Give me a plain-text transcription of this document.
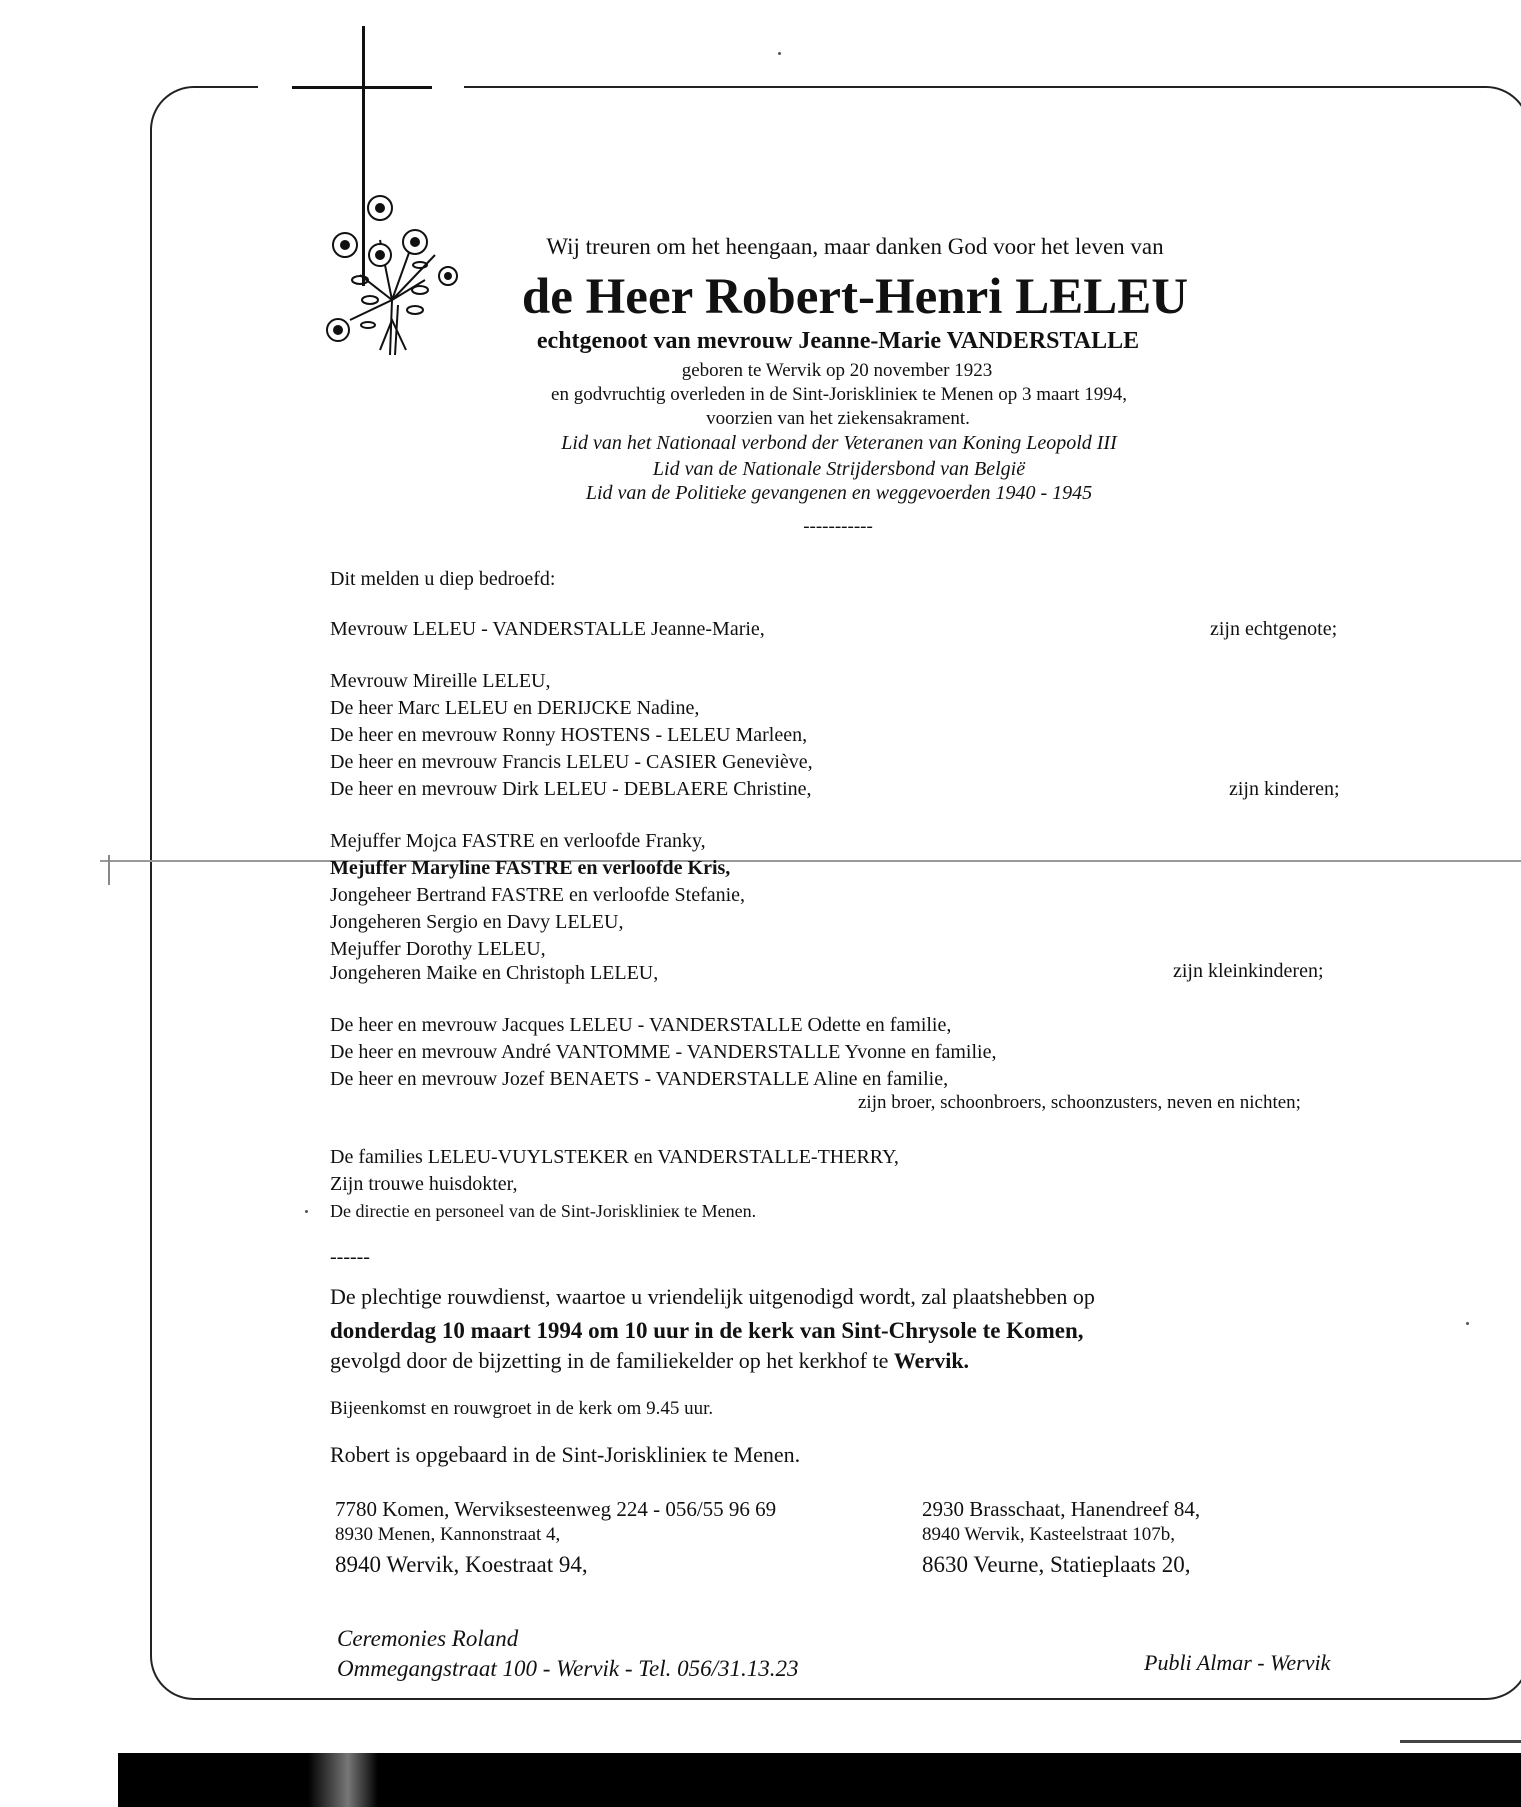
Wij treuren om het heengaan, maar danken God voor het leven van
de Heer Robert-Henri LELEU
echtgenoot van mevrouw Jeanne-Marie VANDERSTALLE
geboren te Wervik op 20 november 1923
en godvruchtig overleden in de Sint-Jorisklinieк te Menen op 3 maart 1994,
voorzien van het ziekensakrament.
Lid van het Nationaal verbond der Veteranen van Koning Leopold III
Lid van de Nationale Strijdersbond van België
Lid van de Politieke gevangenen en weggevoerden 1940 - 1945
-----------
Dit melden u diep bedroefd:
Mevrouw LELEU - VANDERSTALLE Jeanne-Marie,	zijn echtgenote;
Mevrouw Mireille LELEU,
De heer Marc LELEU en DERIJCKE Nadine,
De heer en mevrouw Ronny HOSTENS - LELEU Marleen,
De heer en mevrouw Francis LELEU - CASIER Geneviève,
De heer en mevrouw Dirk LELEU - DEBLAERE Christine,	zijn kinderen;
Mejuffer Mojca FASTRE en verloofde Franky,
Mejuffer Maryline FASTRE en verloofde Kris,
Jongeheer Bertrand FASTRE en verloofde Stefanie,
Jongeheren Sergio en Davy LELEU,
Mejuffer Dorothy LELEU,
Jongeheren Maike en Christoph LELEU,	zijn kleinkinderen;
De heer en mevrouw Jacques LELEU - VANDERSTALLE Odette en familie,
De heer en mevrouw André VANTOMME - VANDERSTALLE Yvonne en familie,
De heer en mevrouw Jozef BENAETS - VANDERSTALLE Aline en familie,
zijn broer, schoonbroers, schoonzusters, neven en nichten;
De families LELEU-VUYLSTEKER en VANDERSTALLE-THERRY,
Zijn trouwe huisdokter,
De directie en personeel van de Sint-Jorisklinieк te Menen.
------
De plechtige rouwdienst, waartoe u vriendelijk uitgenodigd wordt, zal plaatshebben op
donderdag 10 maart 1994 om 10 uur in de kerk van Sint-Chrysole te Komen,
gevolgd door de bijzetting in de familiekelder op het kerkhof te Wervik.
Bijeenkomst en rouwgroet in de kerk om 9.45 uur.
Robert is opgebaard in de Sint-Jorisklinieк te Menen.
7780 Komen, Werviksesteenweg 224 - 056/55 96 69
8930 Menen, Kannonstraat 4,
8940 Wervik, Koestraat 94,
2930 Brasschaat, Hanendreef 84,
8940 Wervik, Kasteelstraat 107b,
8630 Veurne, Statieplaats 20,
Ceremonies Roland
Ommegangstraat 100 - Wervik - Tel. 056/31.13.23	Publi Almar - Wervik
